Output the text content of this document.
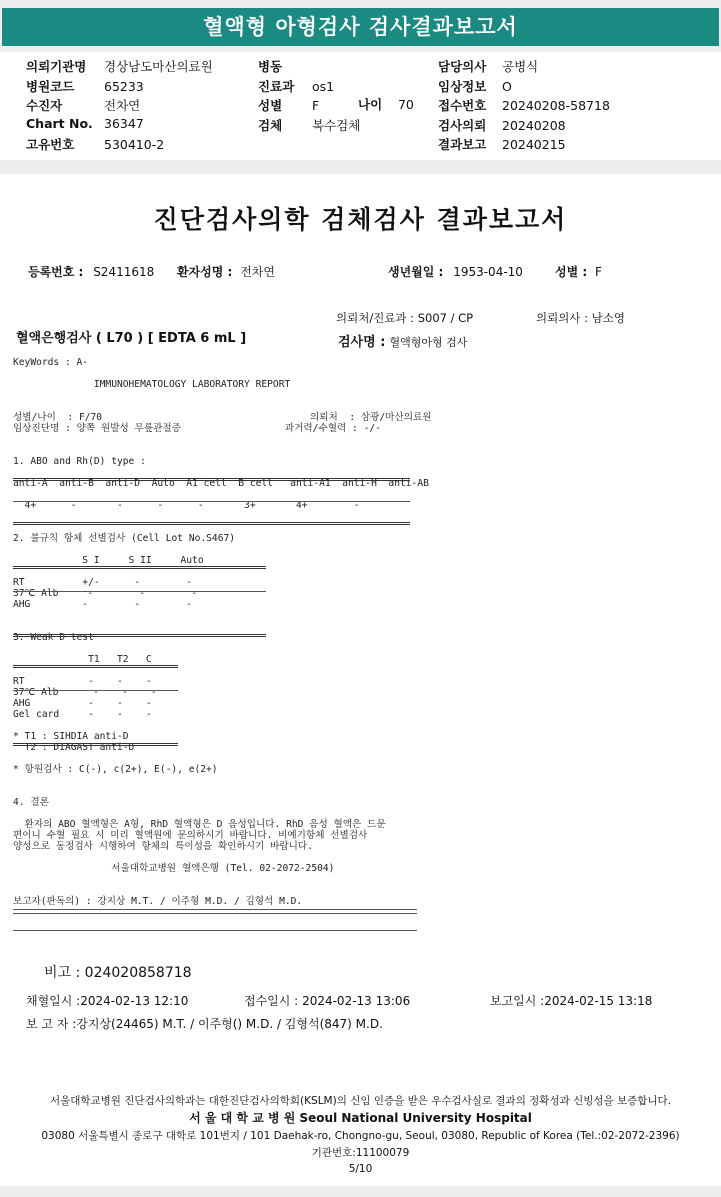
혈액형 아형검사 검사결과보고서
의뢰기관명 경상남도마산의료원
병원코드 65233
수진자	전차연
Chart No. 36347
고유번호 530410-2
병동
진료과 os1
성별 F
검체 복수검체
담당의사 공병식
임상정보 O
접수번호 20240208-58718
검사의뢰 20240208
결과보고 20240215
나이 70
진단검사의학 검체검사 결과보고서
등록번호 : S2411618 환자성명 : 전차연	생년월일 : 1953-04-10	성별 : F
의뢰처/진료과 : S007 / CP	의뢰의사 : 남소영
혈액은행검사 ( L70 ) [ EDTA 6 mL ]	검사명 : 혈액형아형 검사
KeyWords : A-
IMMUNOHEMATOLOGY LABORATORY REPORT
성별/나이  : F/70                                    의뢰처  : 삼광/마산의료원
임상진단명 : 양쪽 원발성 무릎관절증                  과거력/수혈력 : -/-
1. ABO and Rh(D) type :
anti-A  anti-B  anti-D  Auto  A1 cell  B cell   anti-A1  anti-H  anti-AB
4+      -       -      -      -       3+       4+        -
2. 불규칙 항체 선별검사 (Cell Lot No.S467)
S I     S II     Auto
RT          +/-      -        -
37℃ Alb     -        -        -
AHG         -        -        -
3. Weak D test
T1   T2   C
RT           -    -    -
37℃ Alb      -    -    -
AHG          -    -    -
Gel card     -    -    -
* T1 : SIHDIA anti-D
T2 : DIAGAST anti-D
* 항원검사 : C(-), c(2+), E(-), e(2+)
4. 결론
환자의 ABO 혈액형은 A형, RhD 혈액형은 D 음성입니다. RhD 음성 혈액은 드문
편이니 수혈 필요 시 미리 혈액원에 문의하시기 바랍니다. 비예기항체 선별검사
양성으로 동정검사 시행하여 항체의 특이성을 확인하시기 바랍니다.
서울대학교병원 혈액은행 (Tel. 02-2072-2504)
보고자(판독의) : 강지상 M.T. / 이주형 M.D. / 김형석 M.D.
비고 : 024020858718
채혈일시 :2024-02-13 12:10	접수일시 : 2024-02-13 13:06	보고일시 :2024-02-15 13:18
보 고 자 :강지상(24465) M.T. / 이주형() M.D. / 김형석(847) M.D.
서울대학교병원 진단검사의학과는 대한진단검사의학회(KSLM)의 신임 인증을 받은 우수검사실로 결과의 정확성과 신빙성을 보증합니다.
서 울 대 학 교 병 원 Seoul National University Hospital
03080 서울특별시 종로구 대학로 101번지 / 101 Daehak-ro, Chongno-gu, Seoul, 03080, Republic of Korea (Tel.:02-2072-2396)
기관번호:11100079
5/10
